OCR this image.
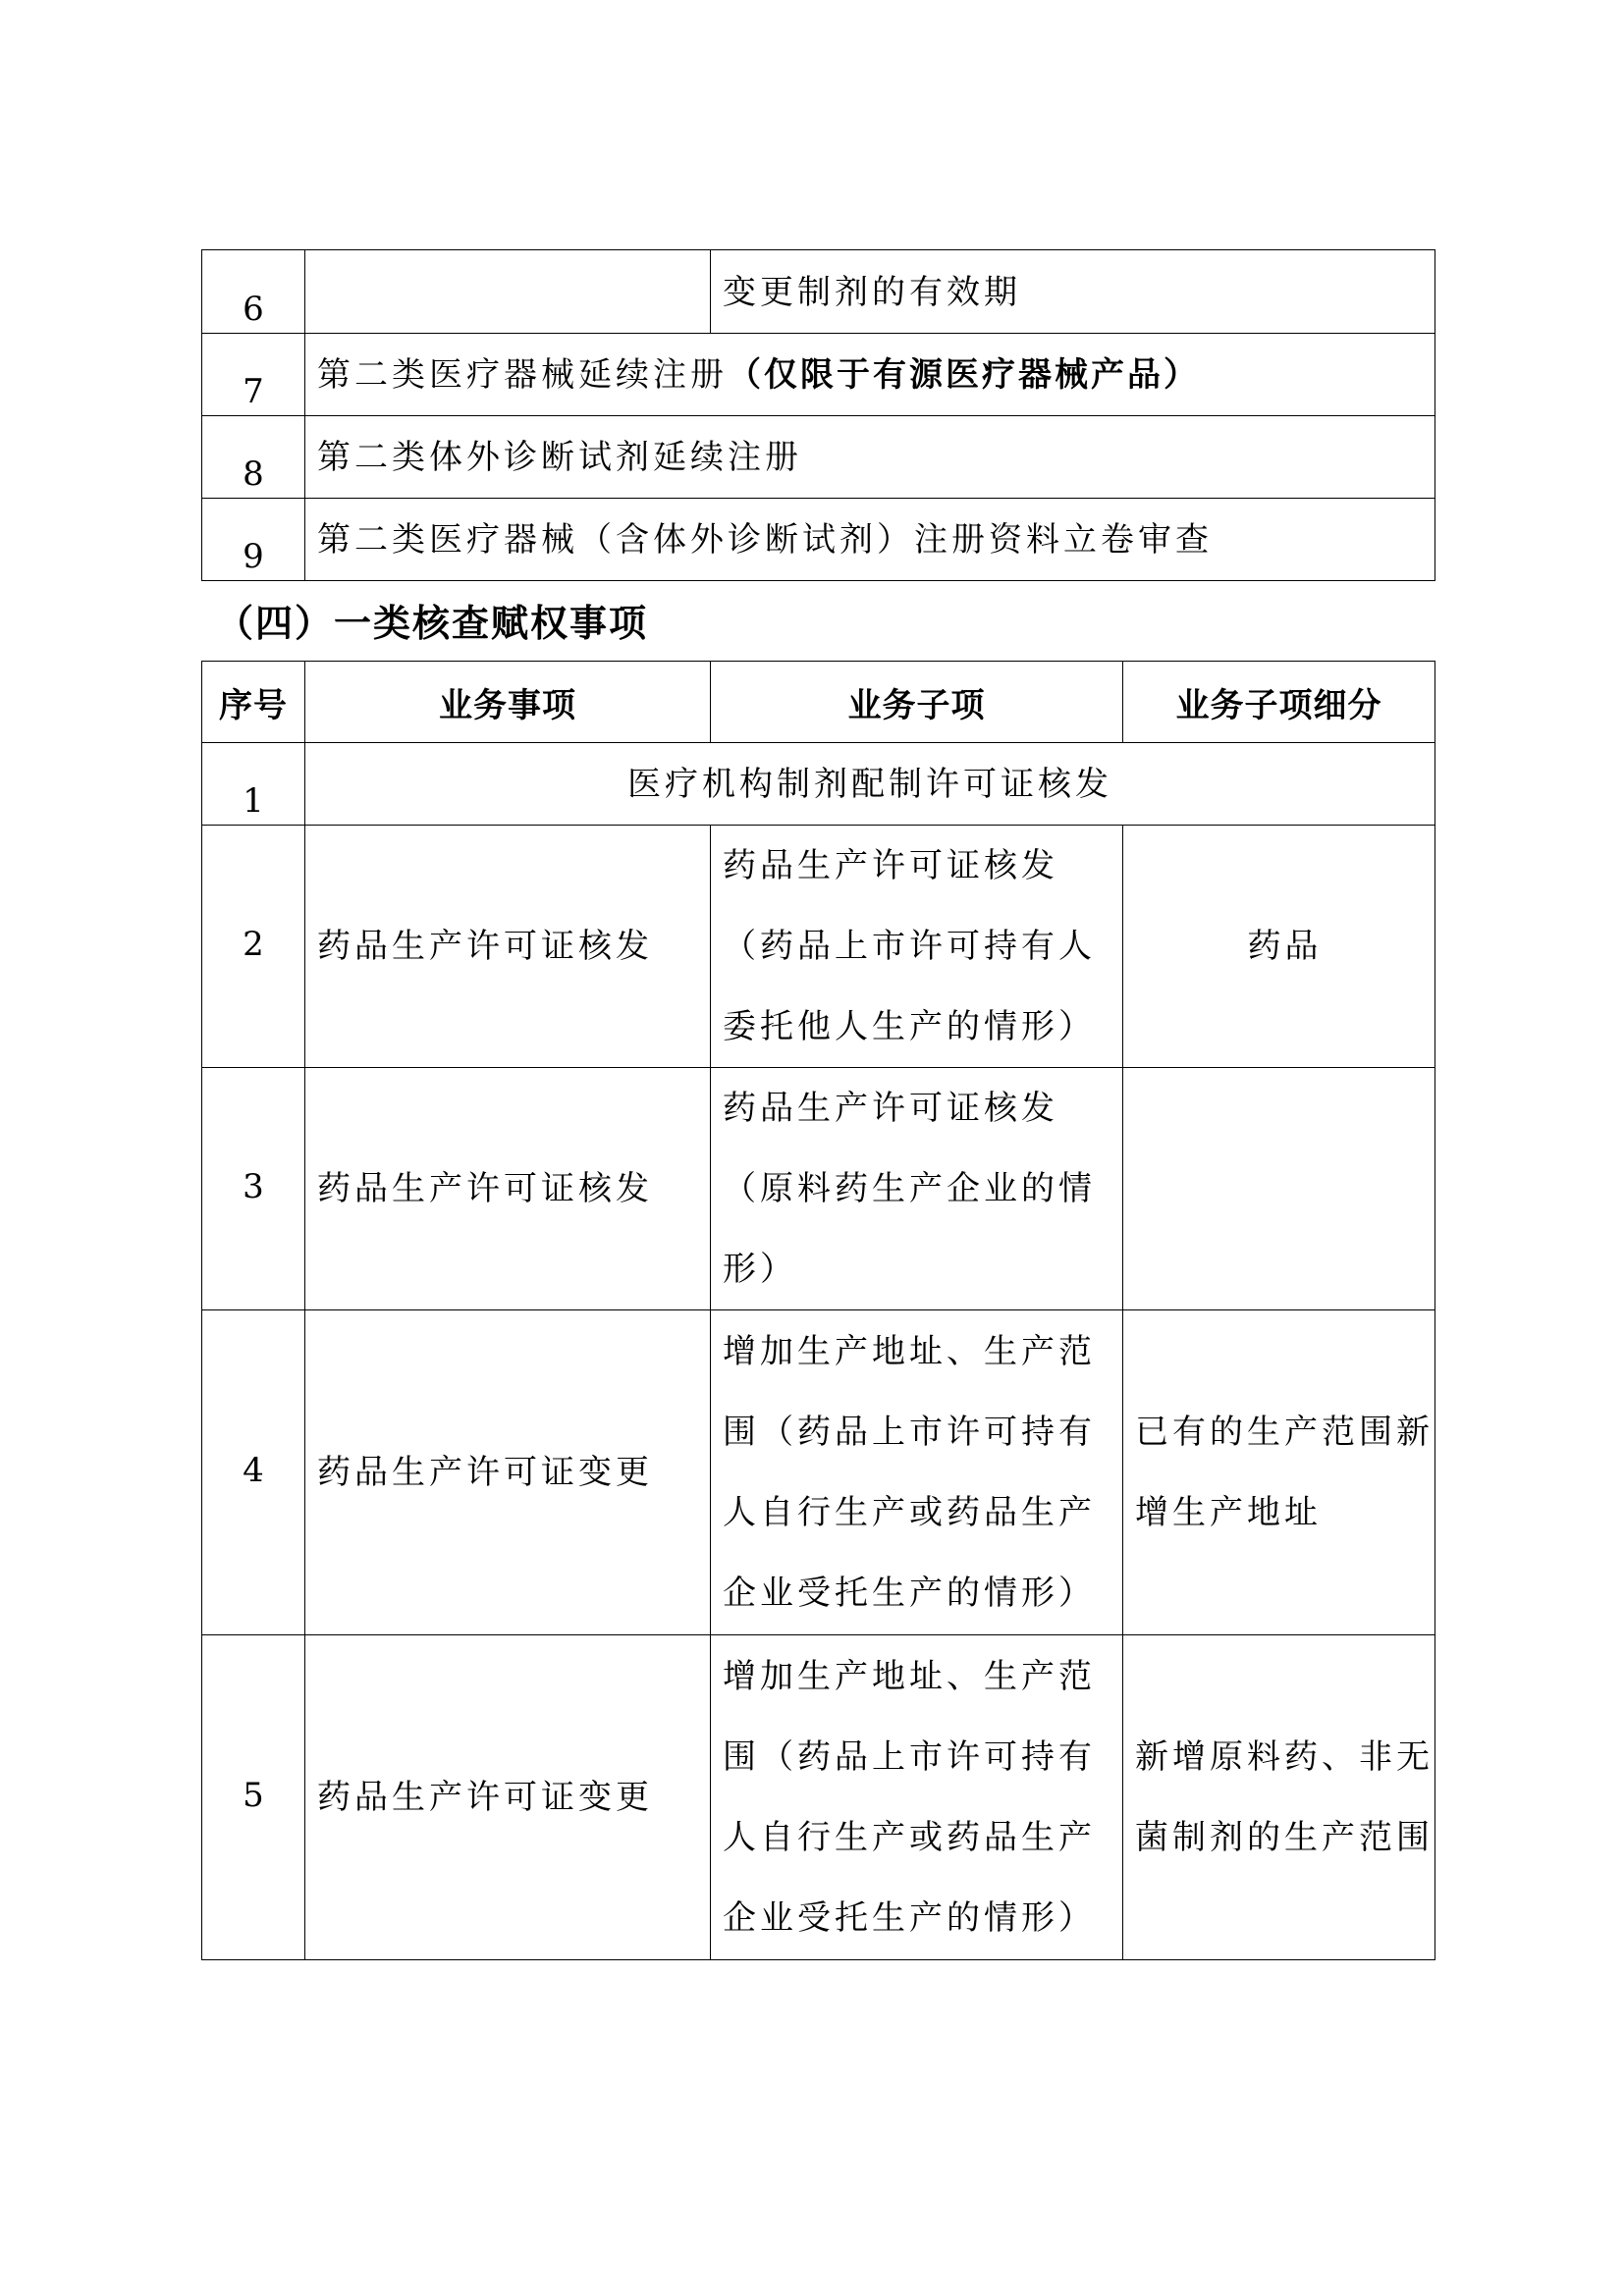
6		变更制剂的有效期
7	第二类医疗器械延续注册（仅限于有源医疗器械产品）	
8	第二类体外诊断试剂延续注册	
9	第二类医疗器械（含体外诊断试剂）注册资料立卷审查	
（四）一类核查赋权事项
序号	业务事项	业务子项	业务子项细分
1	医疗机构制剂配制许可证核发		
2	药品生产许可证核发	药品生产许可证核发（药品上市许可持有人委托他人生产的情形）	药品
3	药品生产许可证核发	药品生产许可证核发（原料药生产企业的情形）	
4	药品生产许可证变更	增加生产地址、生产范围（药品上市许可持有人自行生产或药品生产企业受托生产的情形）	已有的生产范围新增生产地址
5	药品生产许可证变更	增加生产地址、生产范围（药品上市许可持有人自行生产或药品生产企业受托生产的情形）	新增原料药、非无菌制剂的生产范围
